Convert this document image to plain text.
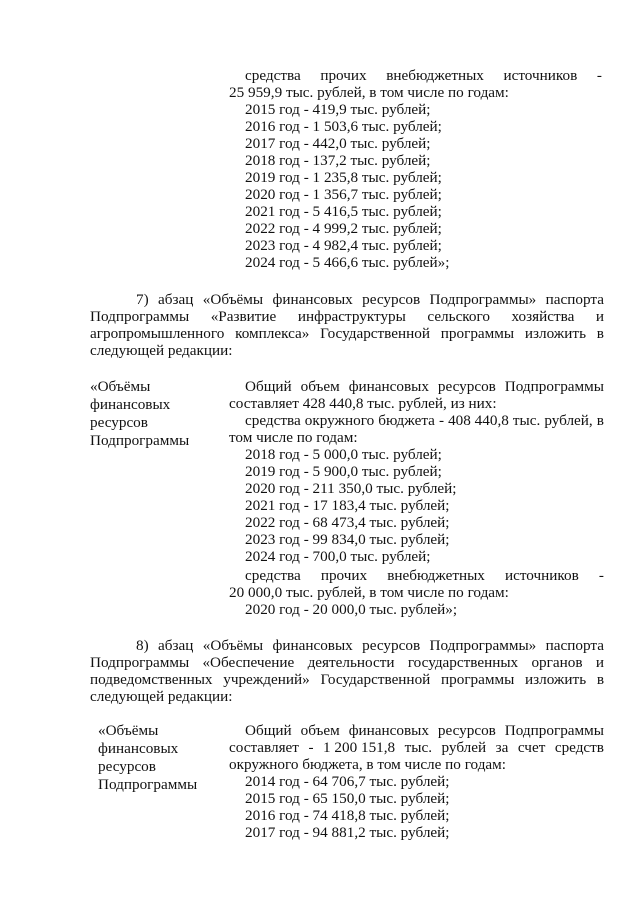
средства прочих внебюджетных источников -
25 959,9 тыс. рублей, в том числе по годам:
2015 год - 419,9 тыс. рублей;
2016 год - 1 503,6 тыс. рублей;
2017 год - 442,0 тыс. рублей;
2018 год - 137,2 тыс. рублей;
2019 год - 1 235,8 тыс. рублей;
2020 год - 1 356,7 тыс. рублей;
2021 год - 5 416,5 тыс. рублей;
2022 год - 4 999,2 тыс. рублей;
2023 год - 4 982,4 тыс. рублей;
2024 год - 5 466,6 тыс. рублей»;
7) абзац «Объёмы финансовых ресурсов Подпрограммы» паспорта
Подпрограммы «Развитие инфраструктуры сельского хозяйства и
агропромышленного комплекса» Государственной программы изложить в
следующей редакции:
«Объёмы
финансовых
ресурсов
Подпрограммы
Общий объем финансовых ресурсов Подпрограммы
составляет 428 440,8 тыс. рублей, из них:
средства окружного бюджета - 408 440,8 тыс. рублей, в
том числе по годам:
2018 год - 5 000,0 тыс. рублей;
2019 год - 5 900,0 тыс. рублей;
2020 год - 211 350,0 тыс. рублей;
2021 год - 17 183,4 тыс. рублей;
2022 год - 68 473,4 тыс. рублей;
2023 год - 99 834,0 тыс. рублей;
2024 год - 700,0 тыс. рублей;
средства прочих внебюджетных источников -
20 000,0 тыс. рублей, в том числе по годам:
2020 год - 20 000,0 тыс. рублей»;
8) абзац «Объёмы финансовых ресурсов Подпрограммы» паспорта
Подпрограммы «Обеспечение деятельности государственных органов и
подведомственных учреждений» Государственной программы изложить в
следующей редакции:
«Объёмы
финансовых
ресурсов
Подпрограммы
Общий объем финансовых ресурсов Подпрограммы
составляет - 1 200 151,8 тыс. рублей за счет средств
окружного бюджета, в том числе по годам:
2014 год - 64 706,7 тыс. рублей;
2015 год - 65 150,0 тыс. рублей;
2016 год - 74 418,8 тыс. рублей;
2017 год - 94 881,2 тыс. рублей;
